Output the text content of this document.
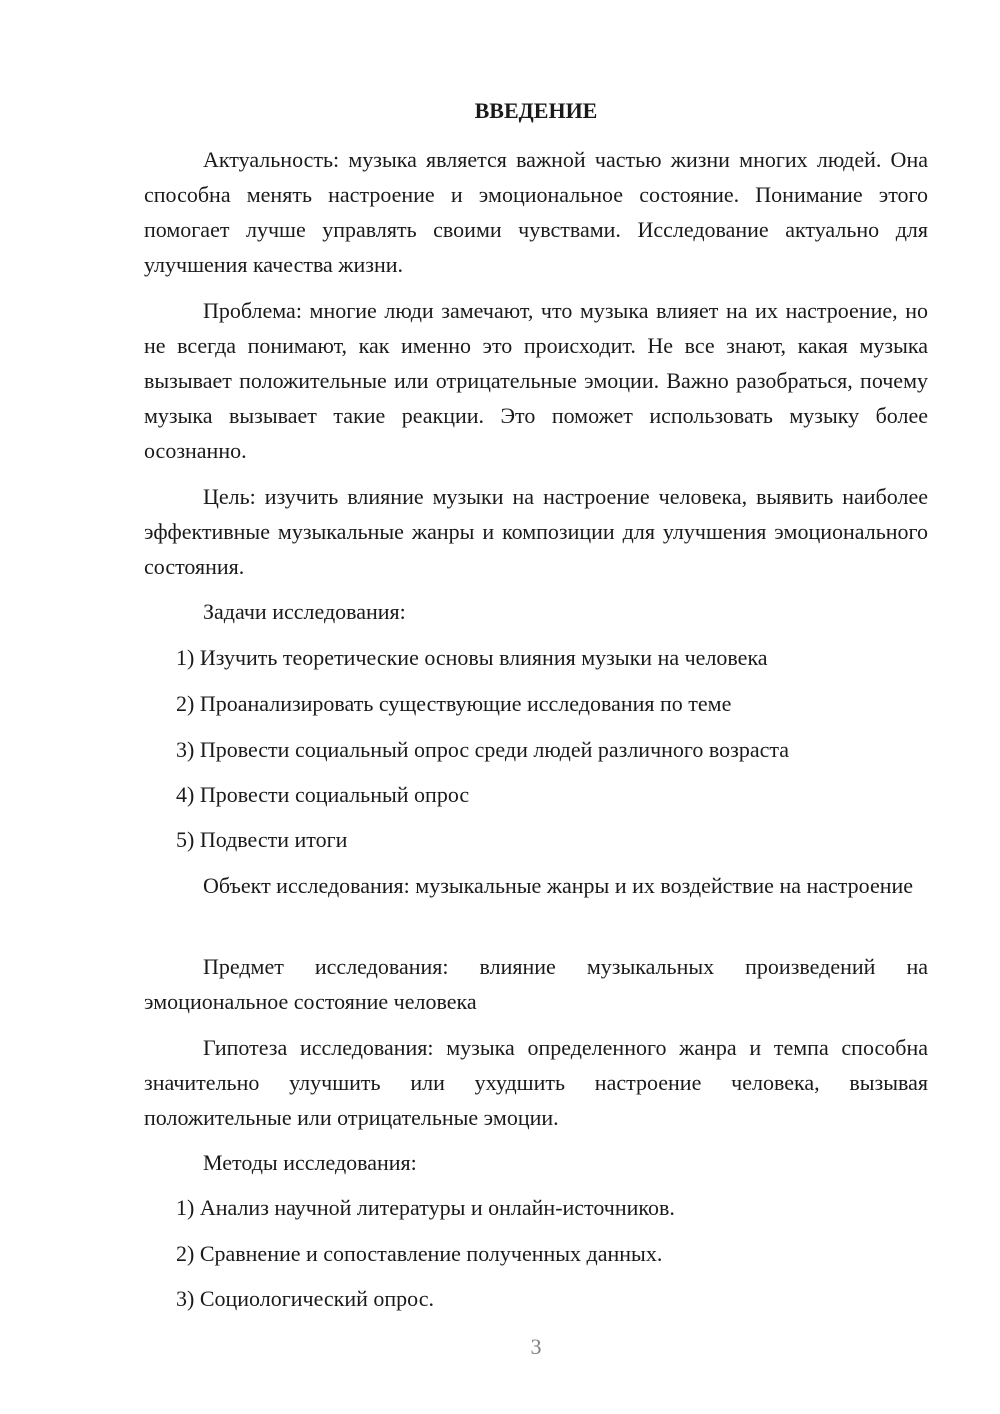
ВВЕДЕНИЕ

Актуальность: музыка является важной частью жизни многих людей. Она способна менять настроение и эмоциональное состояние. Понимание этого помогает лучше управлять своими чувствами. Исследование актуально для улучшения качества жизни.

Проблема: многие люди замечают, что музыка влияет на их настроение, но не всегда понимают, как именно это происходит. Не все знают, какая музыка вызывает положительные или отрицательные эмоции. Важно разобраться, почему музыка вызывает такие реакции. Это поможет использовать музыку более осознанно.

Цель: изучить влияние музыки на настроение человека, выявить наиболее эффективные музыкальные жанры и композиции для улучшения эмоционального состояния.

Задачи исследования:
1) Изучить теоретические основы влияния музыки на человека
2) Проанализировать существующие исследования по теме
3) Провести социальный опрос среди людей различного возраста
4) Провести социальный опрос
5) Подвести итоги

Объект исследования: музыкальные жанры и их воздействие на настроение

Предмет исследования: влияние музыкальных произведений на эмоциональное состояние человека

Гипотеза исследования: музыка определенного жанра и темпа способна значительно улучшить или ухудшить настроение человека, вызывая положительные или отрицательные эмоции.

Методы исследования:
1) Анализ научной литературы и онлайн-источников.
2) Сравнение и сопоставление полученных данных.
3) Социологический опрос.
3
